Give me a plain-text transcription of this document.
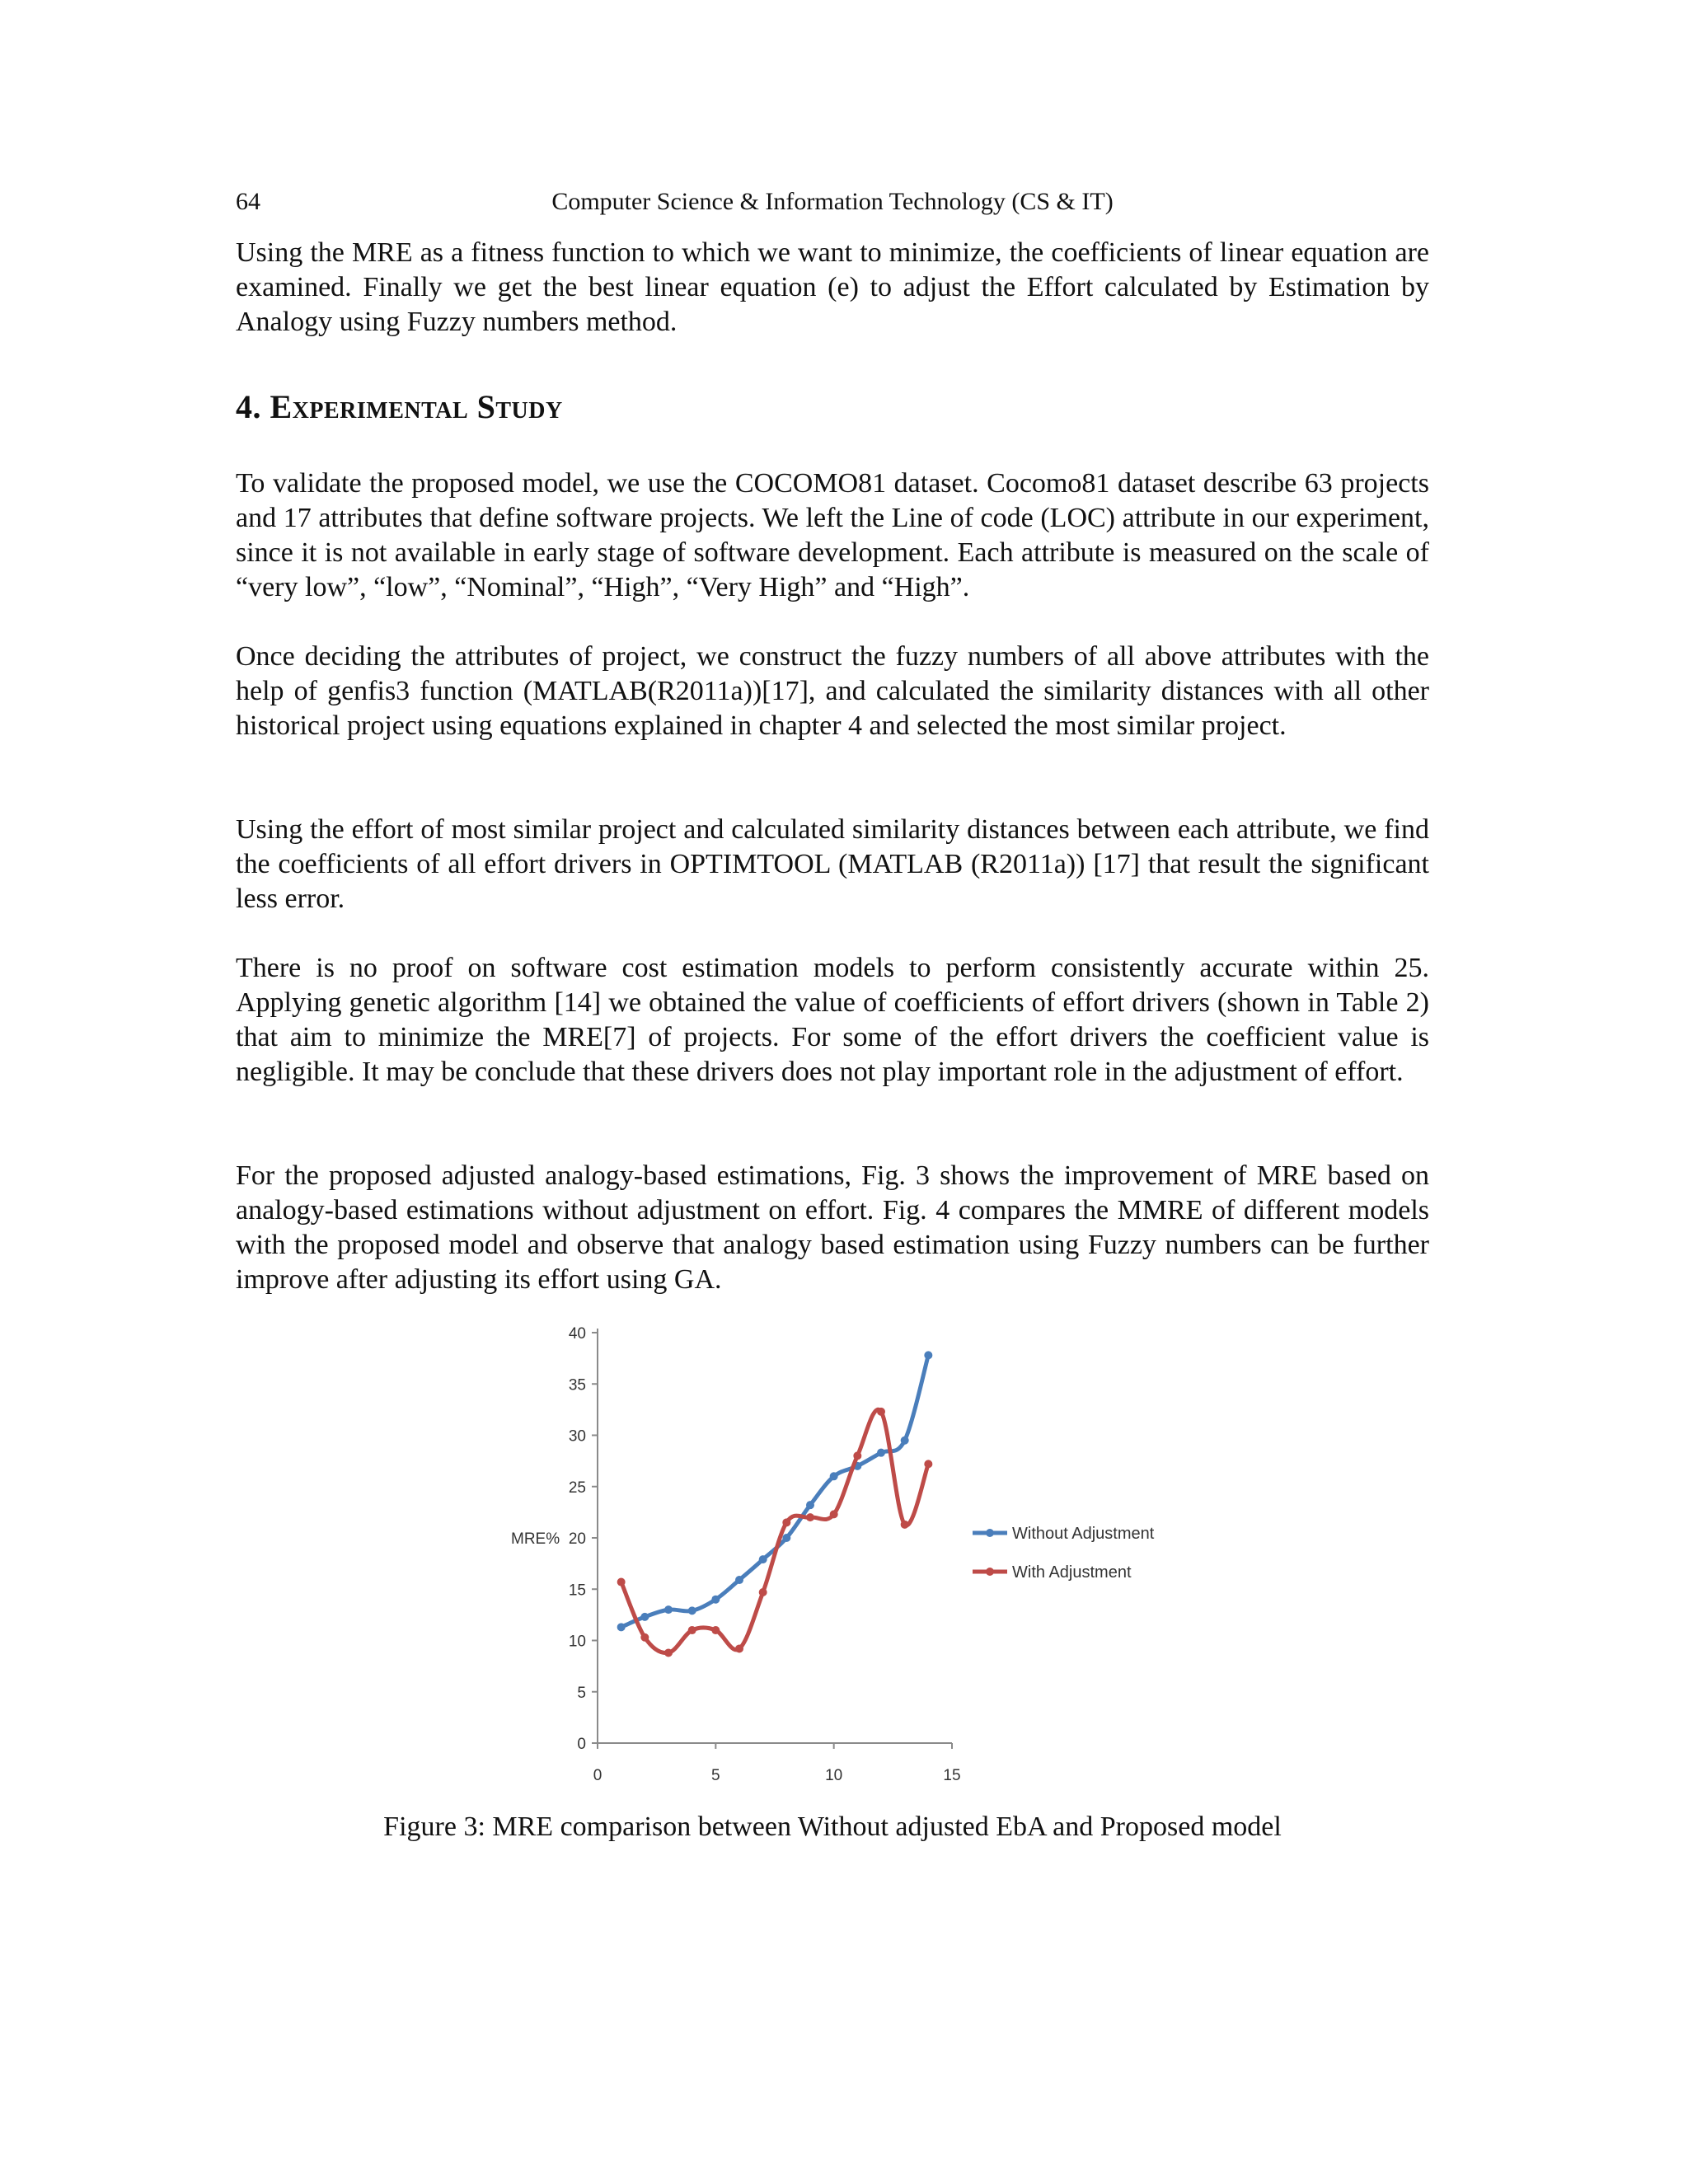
64	Computer Science & Information Technology (CS & IT)

Using the MRE as a fitness function to which we want to minimize, the coefficients of linear equation are examined. Finally we get the best linear equation (e) to adjust the Effort calculated by Estimation by Analogy using Fuzzy numbers method.

4. Experimental Study

To validate the proposed model, we use the COCOMO81 dataset. Cocomo81 dataset describe 63 projects and 17 attributes that define software projects. We left the Line of code (LOC) attribute in our experiment, since it is not available in early stage of software development. Each attribute is measured on the scale of “very low”, “low”, “Nominal”, “High”, “Very High” and “High”.

Once deciding the attributes of project, we construct the fuzzy numbers of all above attributes with the help of genfis3 function (MATLAB(R2011a))[17], and calculated the similarity distances with all other historical project using equations explained in chapter 4 and selected the most similar project.

Using the effort of most similar project and calculated similarity distances between each attribute, we find the coefficients of all effort drivers in OPTIMTOOL (MATLAB (R2011a)) [17] that result the significant less error.

There is no proof on software cost estimation models to perform consistently accurate within 25. Applying genetic algorithm [14] we obtained the value of coefficients of effort drivers (shown in Table 2) that aim to minimize the MRE[7] of projects. For some of the effort drivers the coefficient value is negligible. It may be conclude that these drivers does not play important role in the adjustment of effort.

For the proposed adjusted analogy-based estimations, Fig. 3 shows the improvement of MRE based on analogy-based estimations without adjustment on effort. Fig. 4 compares the MMRE of different models with the proposed model and observe that analogy based estimation using Fuzzy numbers can be further improve after adjusting its effort using GA.

0
5
10
15
20
25
30
35
40
0	5	10	15
MRE%	Without Adjustment
With Adjustment

Figure 3: MRE comparison between Without adjusted EbA and Proposed model
